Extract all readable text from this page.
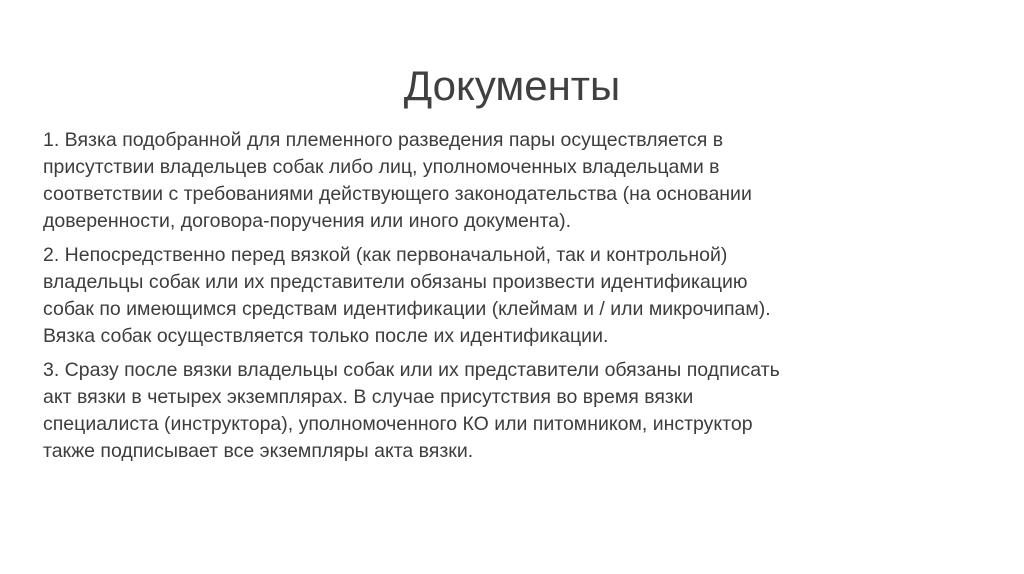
Документы

1. Вязка подобранной для племенного разведения пары осуществляется в
присутствии владельцев собак либо лиц, уполномоченных владельцами в
соответствии с требованиями действующего законодательства (на основании
доверенности, договора-поручения или иного документа).

2. Непосредственно перед вязкой (как первоначальной, так и контрольной)
владельцы собак или их представители обязаны произвести идентификацию
собак по имеющимся средствам идентификации (клеймам и / или микрочипам).
Вязка собак осуществляется только после их идентификации.

3. Сразу после вязки владельцы собак или их представители обязаны подписать
акт вязки в четырех экземплярах. В случае присутствия во время вязки
специалиста (инструктора), уполномоченного КО или питомником, инструктор
также подписывает все экземпляры акта вязки.
